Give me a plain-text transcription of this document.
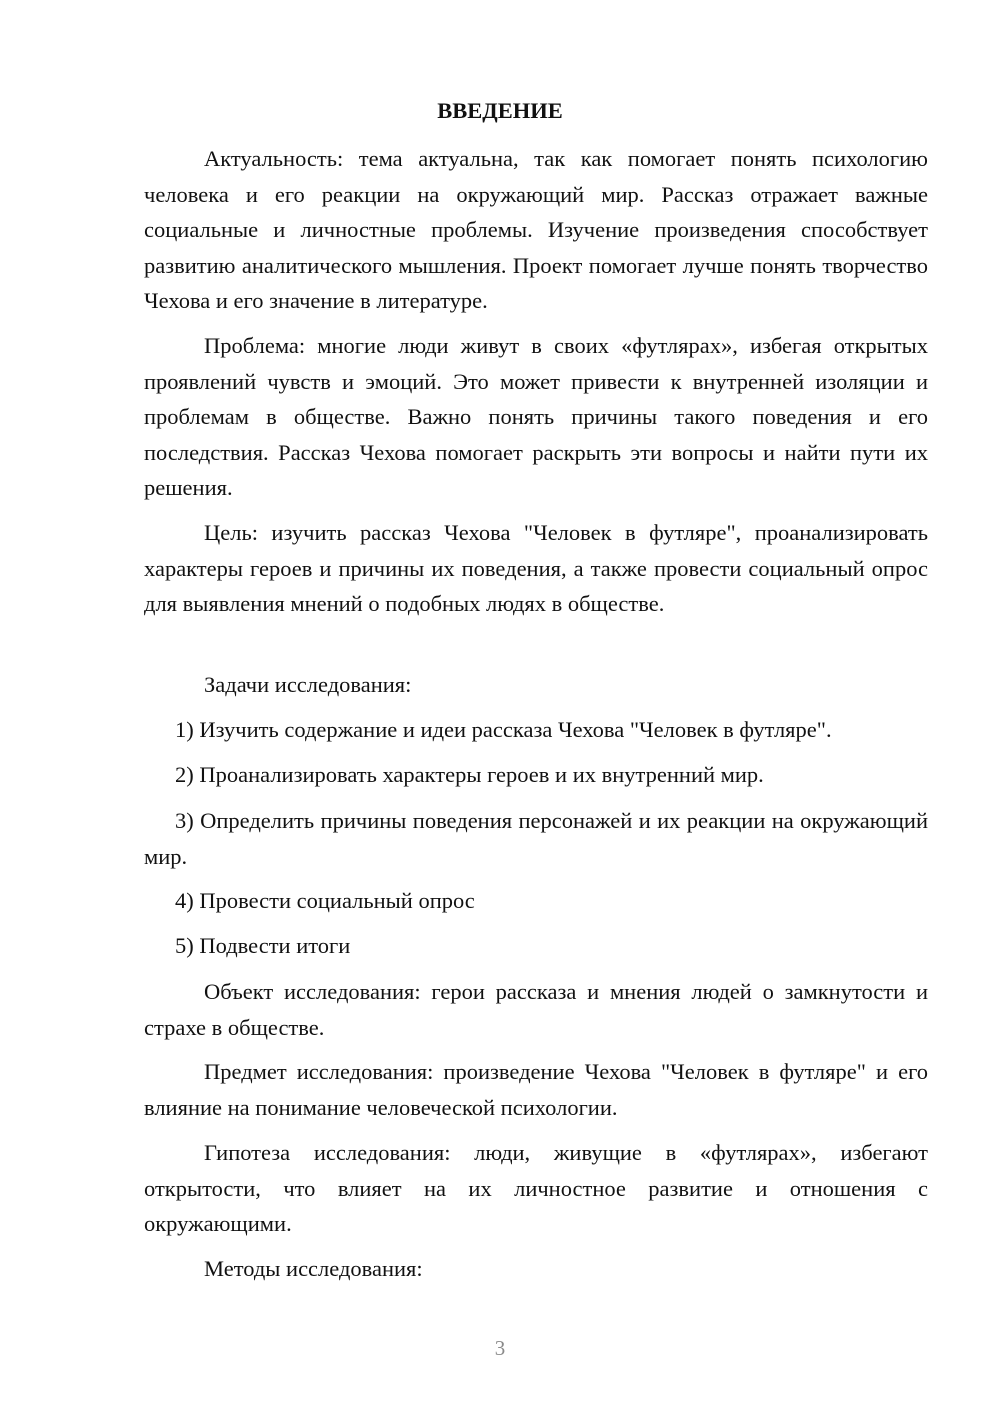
ВВЕДЕНИЕ

Актуальность: тема актуальна, так как помогает понять психологию человека и его реакции на окружающий мир. Рассказ отражает важные социальные и личностные проблемы. Изучение произведения способствует развитию аналитического мышления. Проект помогает лучше понять творчество Чехова и его значение в литературе.

Проблема: многие люди живут в своих «футлярах», избегая открытых проявлений чувств и эмоций. Это может привести к внутренней изоляции и проблемам в обществе. Важно понять причины такого поведения и его последствия. Рассказ Чехова помогает раскрыть эти вопросы и найти пути их решения.

Цель: изучить рассказ Чехова "Человек в футляре", проанализировать характеры героев и причины их поведения, а также провести социальный опрос для выявления мнений о подобных людях в обществе.

Задачи исследования:

1) Изучить содержание и идеи рассказа Чехова "Человек в футляре".

2) Проанализировать характеры героев и их внутренний мир.

3) Определить причины поведения персонажей и их реакции на окружающий мир.

4) Провести социальный опрос

5) Подвести итоги

Объект исследования: герои рассказа и мнения людей о замкнутости и страхе в обществе.

Предмет исследования: произведение Чехова "Человек в футляре" и его влияние на понимание человеческой психологии.

Гипотеза исследования: люди, живущие в «футлярах», избегают открытости, что влияет на их личностное развитие и отношения с окружающими.

Методы исследования:

3
